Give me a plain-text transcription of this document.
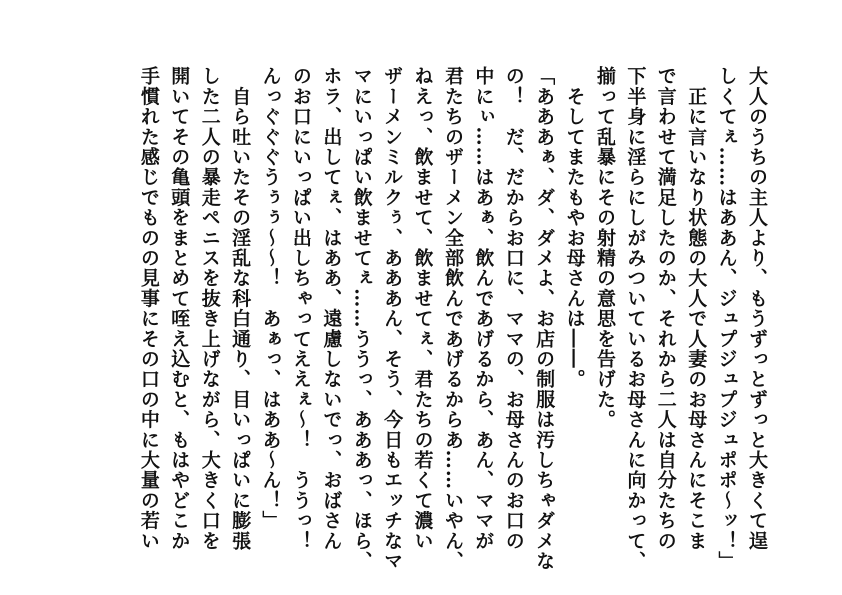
大人のうちの主人より、もうずっとずっと大きくて逞
しくてぇ……はああん、ジュプジュプジュポポ～ッ！」
　正に言いなり状態の大人で人妻のお母さんにそこま
で言わせて満足したのか、それから二人は自分たちの
下半身に淫らにしがみついているお母さんに向かって、
揃って乱暴にその射精の意思を告げた。
　そしてまたもやお母さんは――。
「あああぁ、ダ、ダメよ、お店の制服は汚しちゃダメな
の！　だ、だからお口に、ママの、お母さんのお口の
中にぃ……はあぁ、飲んであげるから、あん、ママが
君たちのザーメン全部飲んであげるからあ……いやん、
ねえっ、飲ませて、飲ませてぇ、君たちの若くて濃い
ザーメンミルクぅ、あああん、そう、今日もエッチなマ
マにいっぱい飲ませてぇ……ううっ、あああっ、ほら、
ホラ、出してぇ、はああ、遠慮しないでっ、おばさん
のお口にいっぱい出しちゃってええぇ～！　ううっ！
んっぐぐぐうぅぅ～～！　あぁっ、はああ～ん！」
　自ら吐いたその淫乱な科白通り、目いっぱいに膨張
した二人の暴走ペニスを抜き上げながら、大きく口を
開いてその亀頭をまとめて咥え込むと、もはやどこか
手慣れた感じでものの見事にその口の中に大量の若い
